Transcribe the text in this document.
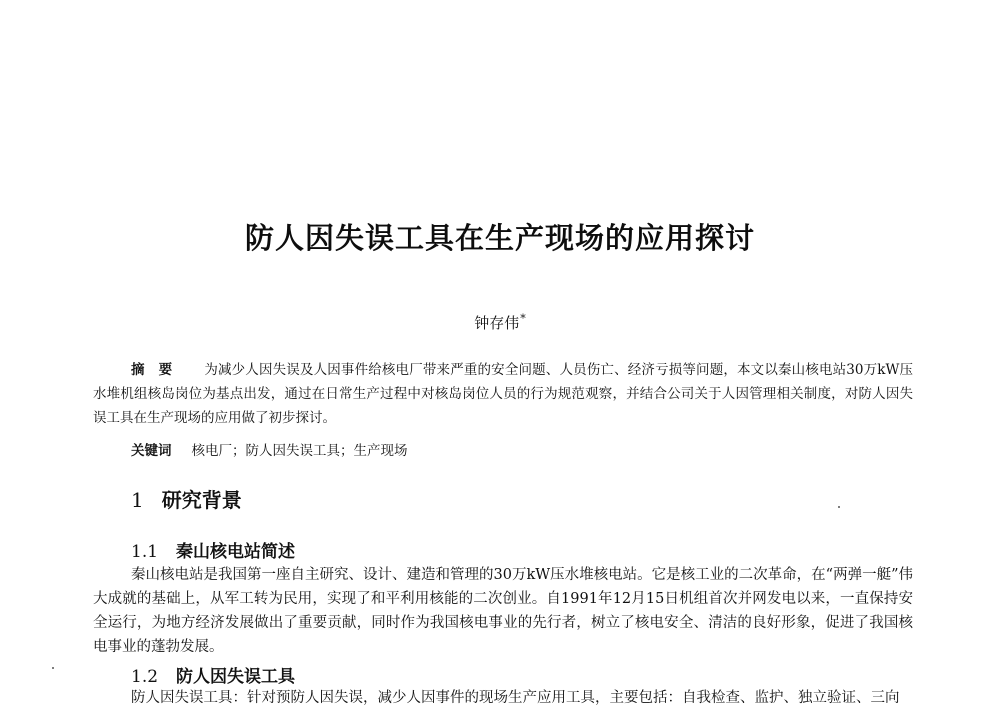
防人因失误工具在生产现场的应用探讨
钟存伟*
摘要 为减少人因失误及人因事件给核电厂带来严重的安全问题、人员伤亡、经济亏损等问题，本文以秦山核电站30万kW压水堆机组核岛岗位为基点出发，通过在日常生产过程中对核岛岗位人员的行为规范观察，并结合公司关于人因管理相关制度，对防人因失误工具在生产现场的应用做了初步探讨。
关键词 核电厂；防人因失误工具；生产现场
1 研究背景
1.1 秦山核电站简述
秦山核电站是我国第一座自主研究、设计、建造和管理的30万kW压水堆核电站。它是核工业的二次革命，在“两弹一艇”伟大成就的基础上，从军工转为民用，实现了和平利用核能的二次创业。自1991年12月15日机组首次并网发电以来，一直保持安全运行，为地方经济发展做出了重要贡献，同时作为我国核电事业的先行者，树立了核电安全、清洁的良好形象，促进了我国核电事业的蓬勃发展。
1.2 防人因失误工具
防人因失误工具：针对预防人因失误，减少人因事件的现场生产应用工具，主要包括：自我检查、监护、独立验证、三向
